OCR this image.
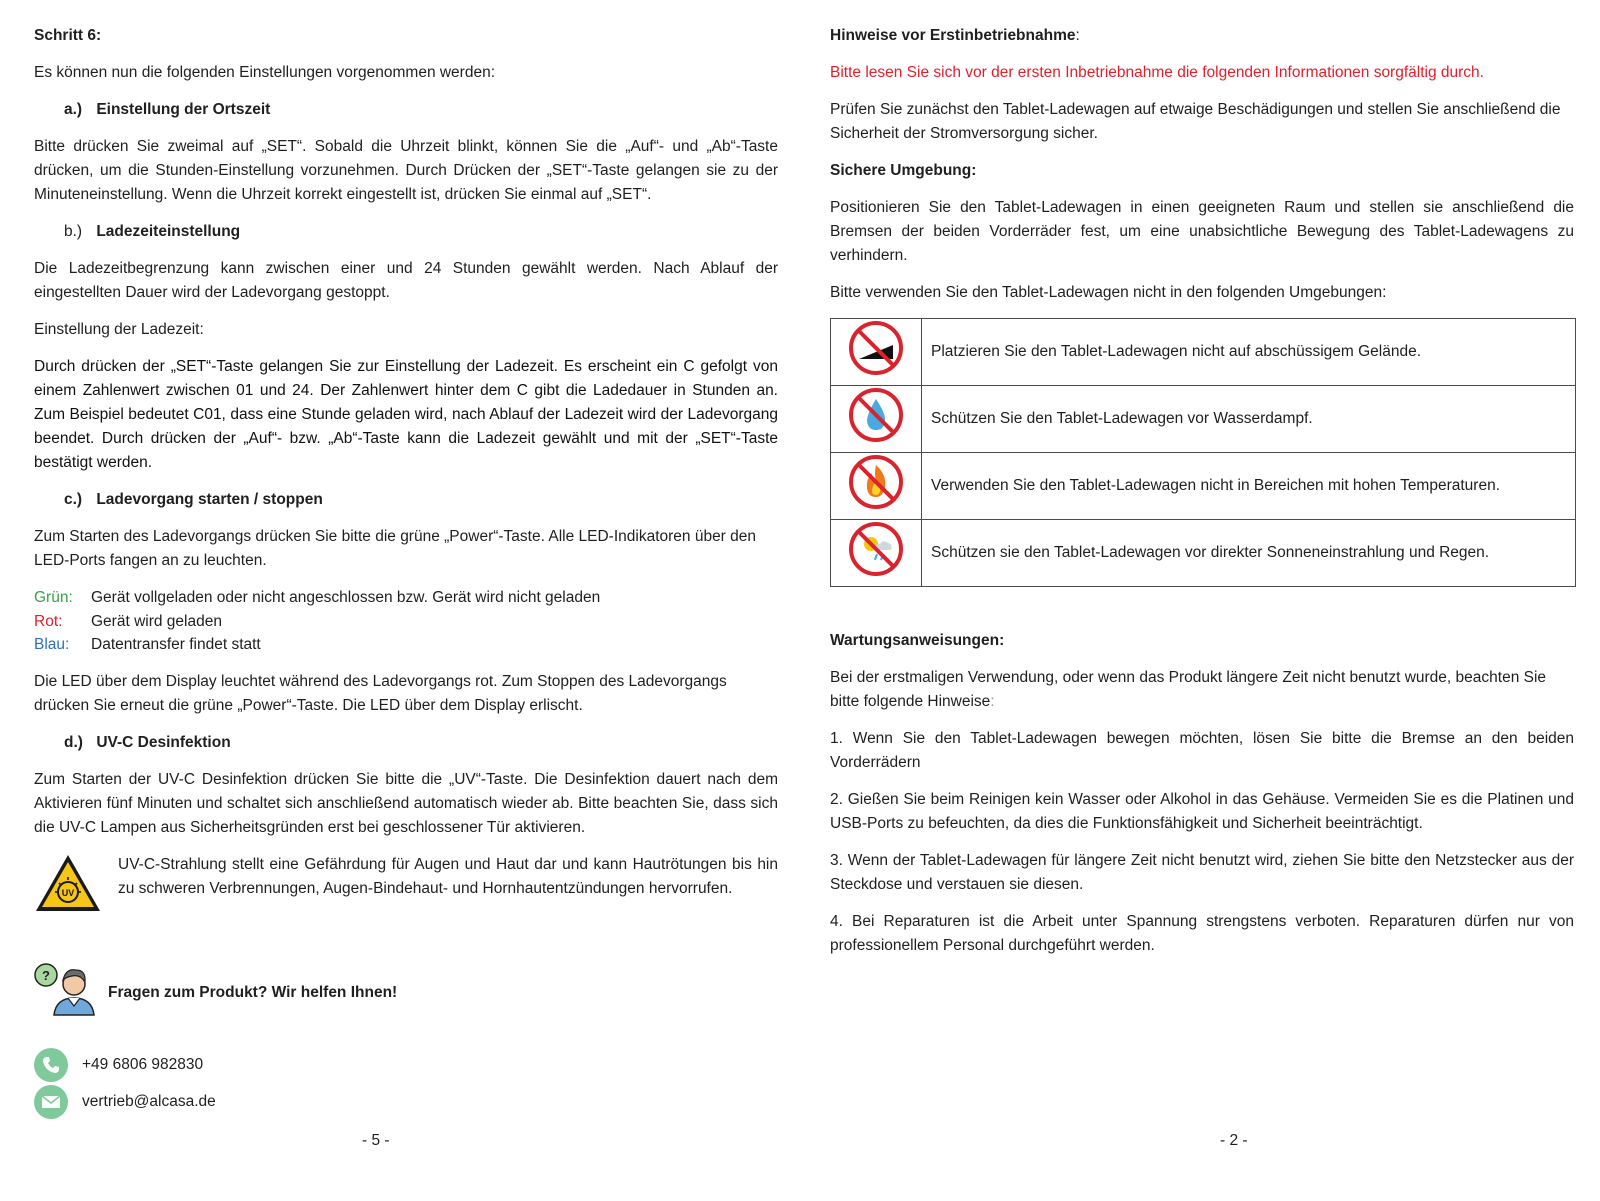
Schritt 6:

Es können nun die folgenden Einstellungen vorgenommen werden:

a.) Einstellung der Ortszeit

Bitte drücken Sie zweimal auf „SET“. Sobald die Uhrzeit blinkt, können Sie die „Auf“- und „Ab“-Taste drücken, um die Stunden-Einstellung vorzunehmen. Durch Drücken der „SET“-Taste gelangen sie zu der Minuteneinstellung. Wenn die Uhrzeit korrekt eingestellt ist, drücken Sie einmal auf „SET“.

b.) Ladezeiteinstellung

Die Ladezeitbegrenzung kann zwischen einer und 24 Stunden gewählt werden. Nach Ablauf der eingestellten Dauer wird der Ladevorgang gestoppt.

Einstellung der Ladezeit:

Durch drücken der „SET“-Taste gelangen Sie zur Einstellung der Ladezeit. Es erscheint ein C gefolgt von einem Zahlenwert zwischen 01 und 24. Der Zahlenwert hinter dem C gibt die Ladedauer in Stunden an. Zum Beispiel bedeutet C01, dass eine Stunde geladen wird, nach Ablauf der Ladezeit wird der Ladevorgang beendet. Durch drücken der „Auf“- bzw. „Ab“-Taste kann die Ladezeit gewählt und mit der „SET“-Taste bestätigt werden.

c.) Ladevorgang starten / stoppen

Zum Starten des Ladevorgangs drücken Sie bitte die grüne „Power“-Taste. Alle LED-Indikatoren über den LED-Ports fangen an zu leuchten.

Grün:	Gerät vollgeladen oder nicht angeschlossen bzw. Gerät wird nicht geladen
Rot:	Gerät wird geladen
Blau:	Datentransfer findet statt

Die LED über dem Display leuchtet während des Ladevorgangs rot. Zum Stoppen des Ladevorgangs drücken Sie erneut die grüne „Power“-Taste. Die LED über dem Display erlischt.

d.) UV-C Desinfektion

Zum Starten der UV-C Desinfektion drücken Sie bitte die „UV“-Taste. Die Desinfektion dauert nach dem Aktivieren fünf Minuten und schaltet sich anschließend automatisch wieder ab. Bitte beachten Sie, dass sich die UV-C Lampen aus Sicherheitsgründen erst bei geschlossener Tür aktivieren.

UV
UV-C-Strahlung stellt eine Gefährdung für Augen und Haut dar und kann Hautrötungen bis hin zu schweren Verbrennungen, Augen-Bindehaut- und Hornhautentzündungen hervorrufen.
?
Fragen zum Produkt? Wir helfen Ihnen!
+49 6806 982830
vertrieb@alcasa.de
- 5 -

Hinweise vor Erstinbetriebnahme:

Bitte lesen Sie sich vor der ersten Inbetriebnahme die folgenden Informationen sorgfältig durch.

Prüfen Sie zunächst den Tablet-Ladewagen auf etwaige Beschädigungen und stellen Sie anschließend die Sicherheit der Stromversorgung sicher.

Sichere Umgebung:

Positionieren Sie den Tablet-Ladewagen in einen geeigneten Raum und stellen sie anschließend die Bremsen der beiden Vorderräder fest, um eine unabsichtliche Bewegung des Tablet-Ladewagens zu verhindern.

Bitte verwenden Sie den Tablet-Ladewagen nicht in den folgenden Umgebungen:

	Platzieren Sie den Tablet-Ladewagen nicht auf abschüssigem Gelände.
	Schützen Sie den Tablet-Ladewagen vor Wasserdampf.
	Verwenden Sie den Tablet-Ladewagen nicht in Bereichen mit hohen Temperaturen.
	Schützen sie den Tablet-Ladewagen vor direkter Sonneneinstrahlung und Regen.

Wartungsanweisungen:

Bei der erstmaligen Verwendung, oder wenn das Produkt längere Zeit nicht benutzt wurde, beachten Sie bitte folgende Hinweise:

1. Wenn Sie den Tablet-Ladewagen bewegen möchten, lösen Sie bitte die Bremse an den beiden Vorderrädern

2. Gießen Sie beim Reinigen kein Wasser oder Alkohol in das Gehäuse. Vermeiden Sie es die Platinen und USB-Ports zu befeuchten, da dies die Funktionsfähigkeit und Sicherheit beeinträchtigt.

3. Wenn der Tablet-Ladewagen für längere Zeit nicht benutzt wird, ziehen Sie bitte den Netzstecker aus der Steckdose und verstauen sie diesen.

4. Bei Reparaturen ist die Arbeit unter Spannung strengstens verboten. Reparaturen dürfen nur von professionellem Personal durchgeführt werden.

- 2 -
